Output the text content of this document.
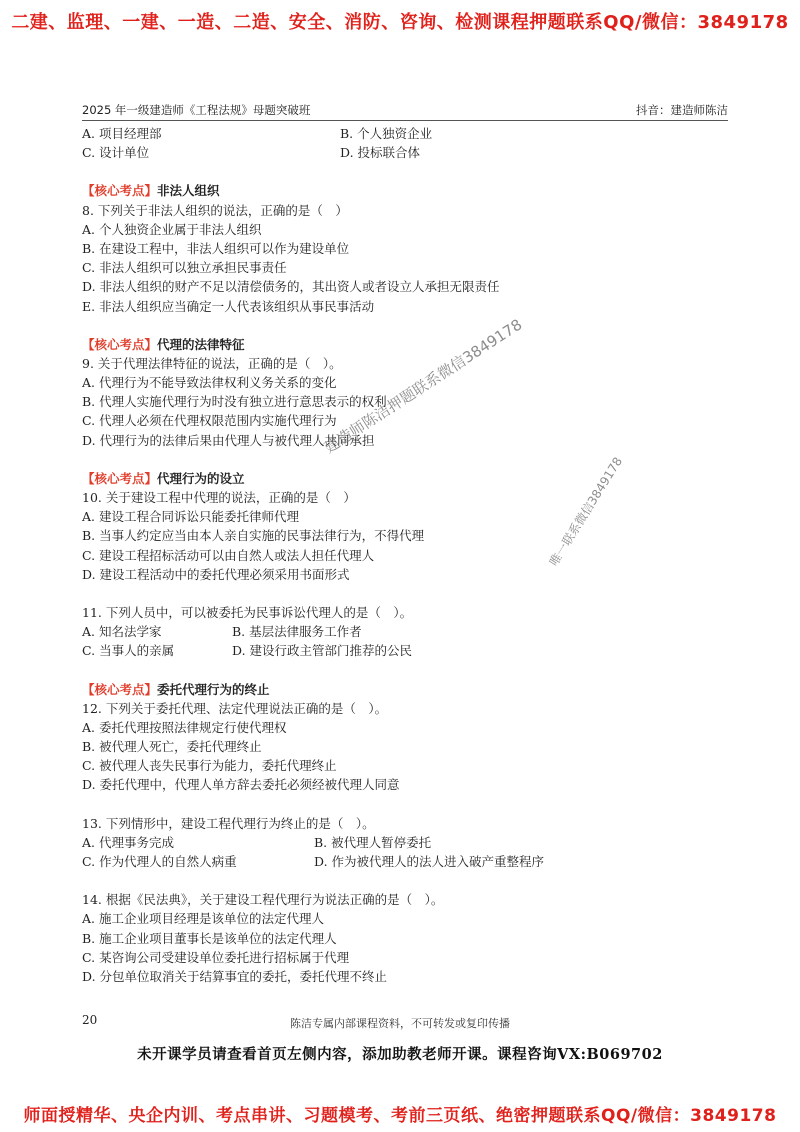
二建、监理、一建、一造、二造、安全、消防、咨询、检测课程押题联系QQ/微信：3849178
2025 年一级建造师《工程法规》母题突破班	抖音：建造师陈洁
A. 项目经理部	B. 个人独资企业
C. 设计单位	D. 投标联合体
【核心考点】非法人组织
8. 下列关于非法人组织的说法，正确的是（　）
A. 个人独资企业属于非法人组织
B. 在建设工程中，非法人组织可以作为建设单位
C. 非法人组织可以独立承担民事责任
D. 非法人组织的财产不足以清偿债务的，其出资人或者设立人承担无限责任
E. 非法人组织应当确定一人代表该组织从事民事活动
【核心考点】代理的法律特征
9. 关于代理法律特征的说法，正确的是（　）。
A. 代理行为不能导致法律权利义务关系的变化
B. 代理人实施代理行为时没有独立进行意思表示的权利
C. 代理人必须在代理权限范围内实施代理行为
D. 代理行为的法律后果由代理人与被代理人共同承担
【核心考点】代理行为的设立
10. 关于建设工程中代理的说法，正确的是（　）
A. 建设工程合同诉讼只能委托律师代理
B. 当事人约定应当由本人亲自实施的民事法律行为，不得代理
C. 建设工程招标活动可以由自然人或法人担任代理人
D. 建设工程活动中的委托代理必须采用书面形式
11. 下列人员中，可以被委托为民事诉讼代理人的是（　）。
A. 知名法学家	B. 基层法律服务工作者
C. 当事人的亲属	D. 建设行政主管部门推荐的公民
【核心考点】委托代理行为的终止
12. 下列关于委托代理、法定代理说法正确的是（　）。
A. 委托代理按照法律规定行使代理权
B. 被代理人死亡，委托代理终止
C. 被代理人丧失民事行为能力，委托代理终止
D. 委托代理中，代理人单方辞去委托必须经被代理人同意
13. 下列情形中，建设工程代理行为终止的是（　）。
A. 代理事务完成	B. 被代理人暂停委托
C. 作为代理人的自然人病重	D. 作为被代理人的法人进入破产重整程序
14. 根据《民法典》，关于建设工程代理行为说法正确的是（　）。
A. 施工企业项目经理是该单位的法定代理人
B. 施工企业项目董事长是该单位的法定代理人
C. 某咨询公司受建设单位委托进行招标属于代理
D. 分包单位取消关于结算事宜的委托，委托代理不终止
建造师陈洁押题联系微信3849178
唯一联系微信3849178
20	陈洁专属内部课程资料，不可转发或复印传播
未开课学员请查看首页左侧内容，添加助教老师开课。课程咨询VX:B069702
师面授精华、央企内训、考点串讲、习题模考、考前三页纸、绝密押题联系QQ/微信：3849178
